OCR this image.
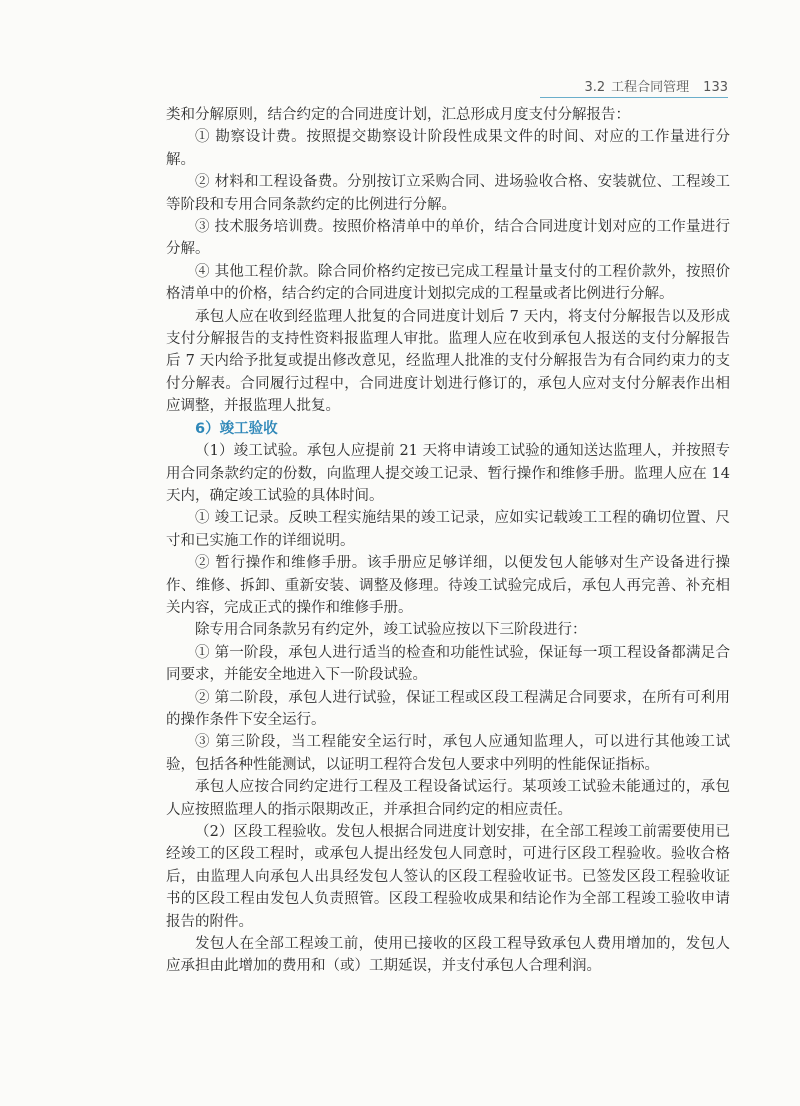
3.2 工程合同管理 133

类和分解原则，结合约定的合同进度计划，汇总形成月度支付分解报告：

① 勘察设计费。按照提交勘察设计阶段性成果文件的时间、对应的工作量进行分解。

② 材料和工程设备费。分别按订立采购合同、进场验收合格、安装就位、工程竣工等阶段和专用合同条款约定的比例进行分解。

③ 技术服务培训费。按照价格清单中的单价，结合合同进度计划对应的工作量进行分解。

④ 其他工程价款。除合同价格约定按已完成工程量计量支付的工程价款外，按照价格清单中的价格，结合约定的合同进度计划拟完成的工程量或者比例进行分解。

承包人应在收到经监理人批复的合同进度计划后 7 天内，将支付分解报告以及形成支付分解报告的支持性资料报监理人审批。监理人应在收到承包人报送的支付分解报告后 7 天内给予批复或提出修改意见，经监理人批准的支付分解报告为有合同约束力的支付分解表。合同履行过程中，合同进度计划进行修订的，承包人应对支付分解表作出相应调整，并报监理人批复。

6）竣工验收

（1）竣工试验。承包人应提前 21 天将申请竣工试验的通知送达监理人，并按照专用合同条款约定的份数，向监理人提交竣工记录、暂行操作和维修手册。监理人应在 14 天内，确定竣工试验的具体时间。

① 竣工记录。反映工程实施结果的竣工记录，应如实记载竣工工程的确切位置、尺寸和已实施工作的详细说明。

② 暂行操作和维修手册。该手册应足够详细，以便发包人能够对生产设备进行操作、维修、拆卸、重新安装、调整及修理。待竣工试验完成后，承包人再完善、补充相关内容，完成正式的操作和维修手册。

除专用合同条款另有约定外，竣工试验应按以下三阶段进行：

① 第一阶段，承包人进行适当的检查和功能性试验，保证每一项工程设备都满足合同要求，并能安全地进入下一阶段试验。

② 第二阶段，承包人进行试验，保证工程或区段工程满足合同要求，在所有可利用的操作条件下安全运行。

③ 第三阶段，当工程能安全运行时，承包人应通知监理人，可以进行其他竣工试验，包括各种性能测试，以证明工程符合发包人要求中列明的性能保证指标。

承包人应按合同约定进行工程及工程设备试运行。某项竣工试验未能通过的，承包人应按照监理人的指示限期改正，并承担合同约定的相应责任。

（2）区段工程验收。发包人根据合同进度计划安排，在全部工程竣工前需要使用已经竣工的区段工程时，或承包人提出经发包人同意时，可进行区段工程验收。验收合格后，由监理人向承包人出具经发包人签认的区段工程验收证书。已签发区段工程验收证书的区段工程由发包人负责照管。区段工程验收成果和结论作为全部工程竣工验收申请报告的附件。

发包人在全部工程竣工前，使用已接收的区段工程导致承包人费用增加的，发包人应承担由此增加的费用和（或）工期延误，并支付承包人合理利润。
